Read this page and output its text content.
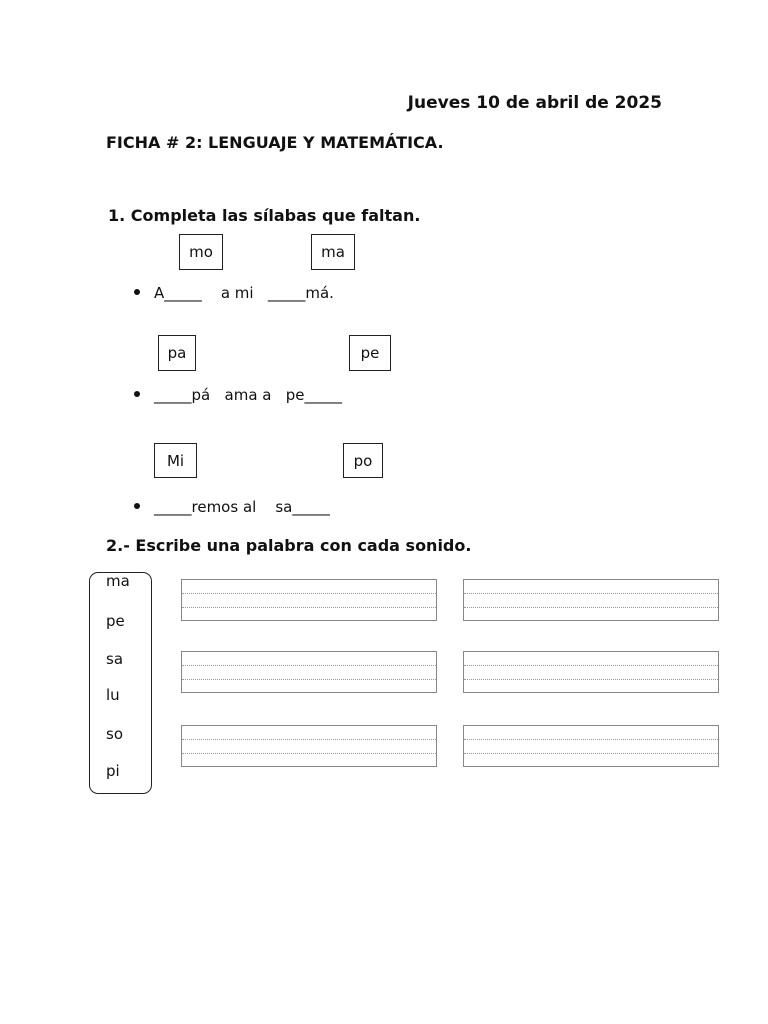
Jueves 10 de abril de 2025
FICHA # 2: LENGUAJE Y MATEMÁTICA.
1. Completa las sílabas que faltan.
mo	ma
A_____    a mi   _____má.
pa	pe
_____pá   ama a   pe_____
Mi	po
_____remos al    sa_____
2.- Escribe una palabra con cada sonido.
ma
pe
sa
lu
so
pi
